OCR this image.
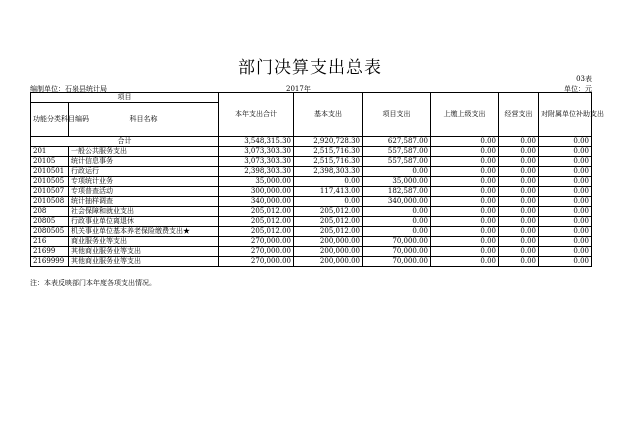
部门决算支出总表
03表
编制单位：石泉县统计局	2017年	单位：元
项目		本年支出合计	基本支出	项目支出	上缴上级支出	经营支出	对附属单位补助支出
功能分类科目编码	科目名称						
合计		3,548,315.30	2,920,728.30	627,587.00	0.00	0.00	0.00
201	一般公共服务支出	3,073,303.30	2,515,716.30	557,587.00	0.00	0.00	0.00
20105	统计信息事务	3,073,303.30	2,515,716.30	557,587.00	0.00	0.00	0.00
2010501	行政运行	2,398,303.30	2,398,303.30	0.00	0.00	0.00	0.00
2010505	专项统计业务	35,000.00	0.00	35,000.00	0.00	0.00	0.00
2010507	专项普查活动	300,000.00	117,413.00	182,587.00	0.00	0.00	0.00
2010508	统计抽样调查	340,000.00	0.00	340,000.00	0.00	0.00	0.00
208	社会保障和就业支出	205,012.00	205,012.00	0.00	0.00	0.00	0.00
20805	行政事业单位离退休	205,012.00	205,012.00	0.00	0.00	0.00	0.00
2080505	机关事业单位基本养老保险缴费支出★	205,012.00	205,012.00	0.00	0.00	0.00	0.00
216	商业服务业等支出	270,000.00	200,000.00	70,000.00	0.00	0.00	0.00
21699	其他商业服务业等支出	270,000.00	200,000.00	70,000.00	0.00	0.00	0.00
2169999	其他商业服务业等支出	270,000.00	200,000.00	70,000.00	0.00	0.00	0.00
注：本表反映部门本年度各项支出情况。
